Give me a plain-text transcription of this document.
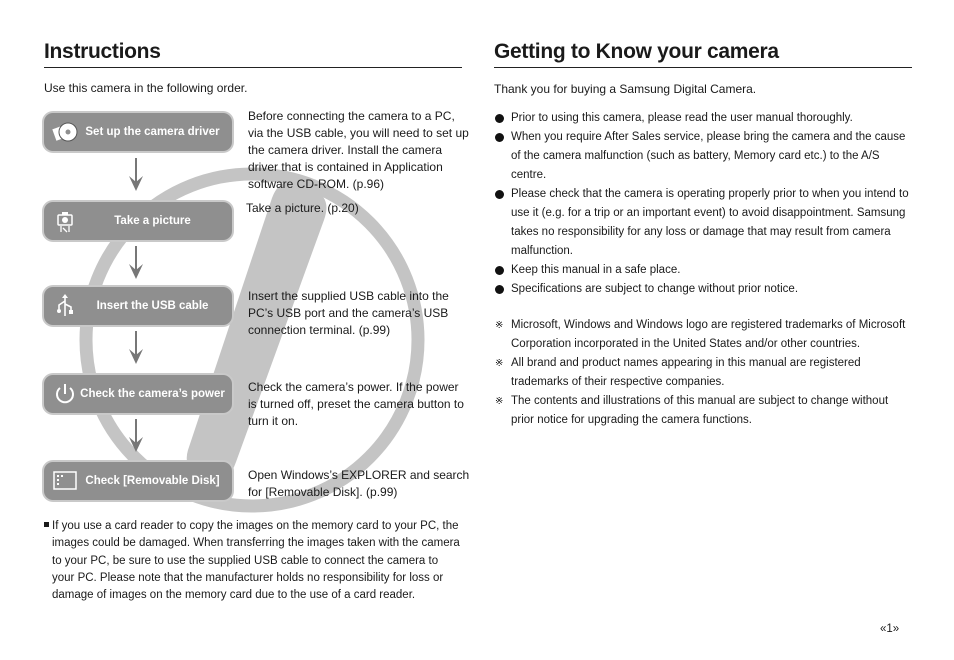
Instructions
Use this camera in the following order.
Set up the camera driver
Take a picture
Insert the USB cable
Check the camera’s power
Check [Removable Disk]
Before connecting the camera to a PC, via the USB cable, you will need to set up the camera driver. Install the camera driver that is contained in Application software CD-ROM. (p.96)
Take a picture. (p.20)
Insert the supplied USB cable into the PC’s USB port and the camera’s USB connection terminal. (p.99)
Check the camera’s power. If the power is turned off, preset the camera button to turn it on.
Open Windows’s EXPLORER and search for [Removable Disk]. (p.99)
If you use a card reader to copy the images on the memory card to your PC, the images could be damaged. When transferring the images taken with the camera to your PC, be sure to use the supplied USB cable to connect the camera to your PC. Please note that the manufacturer holds no responsibility for loss or damage of images on the memory card due to the use of a card reader.
Getting to Know your camera
Thank you for buying a Samsung Digital Camera.
Prior to using this camera, please read the user manual thoroughly.
When you require After Sales service, please bring the camera and the cause of the camera malfunction (such as battery, Memory card etc.) to the A/S centre.
Please check that the camera is operating properly prior to when you intend to use it (e.g. for a trip or an important event) to avoid disappointment. Samsung takes no responsibility for any loss or damage that may result from camera malfunction.
Keep this manual in a safe place.
Specifications are subject to change without prior notice.
※ Microsoft, Windows and Windows logo are registered trademarks of Microsoft Corporation incorporated in the United States and/or other countries.
※ All brand and product names appearing in this manual are registered trademarks of their respective companies.
※ The contents and illustrations of this manual are subject to change without prior notice for upgrading the camera functions.
«1»
